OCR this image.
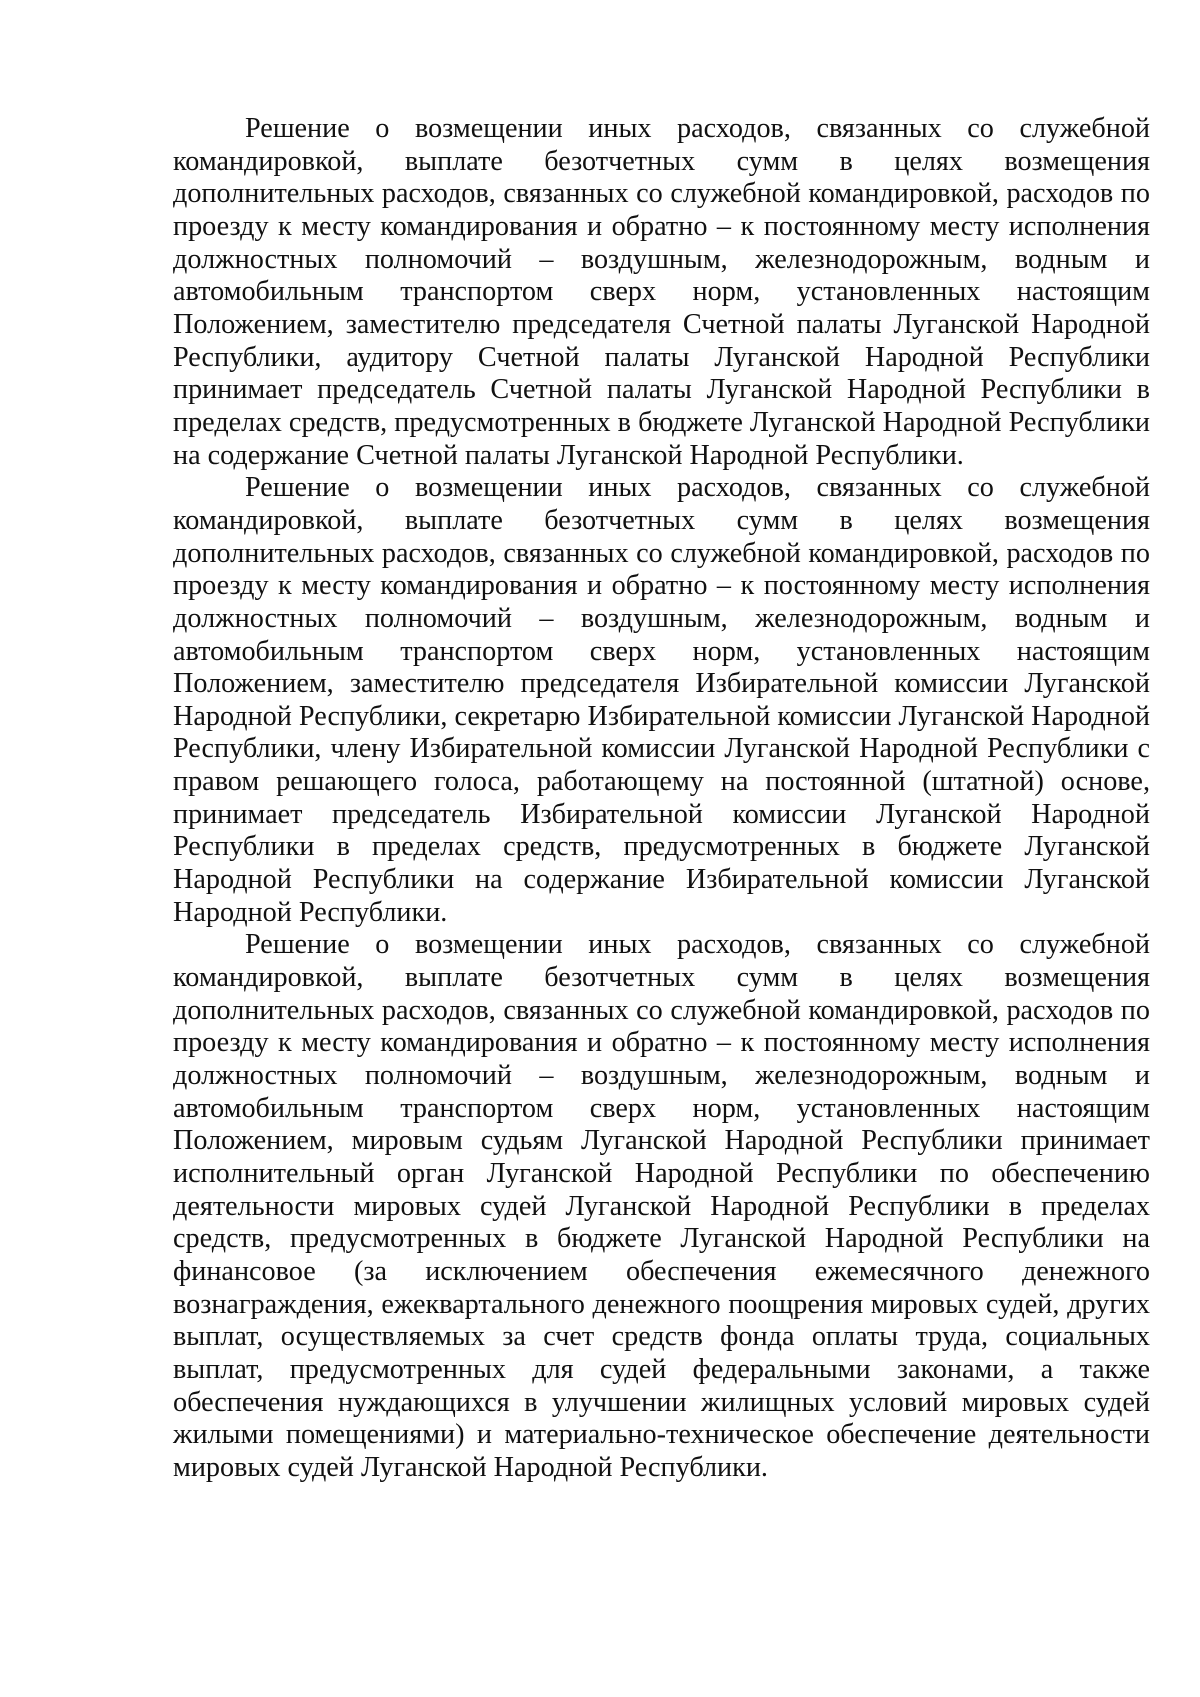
Решение о возмещении иных расходов, связанных со служебной командировкой, выплате безотчетных сумм в целях возмещения дополнительных расходов, связанных со служебной командировкой, расходов по проезду к месту командирования и обратно – к постоянному месту исполнения должностных полномочий – воздушным, железнодорожным, водным и автомобильным транспортом сверх норм, установленных настоящим Положением, заместителю председателя Счетной палаты Луганской Народной Республики, аудитору Счетной палаты Луганской Народной Республики принимает председатель Счетной палаты Луганской Народной Республики в пределах средств, предусмотренных в бюджете Луганской Народной Республики на содержание Счетной палаты Луганской Народной Республики.

Решение о возмещении иных расходов, связанных со служебной командировкой, выплате безотчетных сумм в целях возмещения дополнительных расходов, связанных со служебной командировкой, расходов по проезду к месту командирования и обратно – к постоянному месту исполнения должностных полномочий – воздушным, железнодорожным, водным и автомобильным транспортом сверх норм, установленных настоящим Положением, заместителю председателя Избирательной комиссии Луганской Народной Республики, секретарю Избирательной комиссии Луганской Народной Республики, члену Избирательной комиссии Луганской Народной Республики с правом решающего голоса, работающему на постоянной (штатной) основе, принимает председатель Избирательной комиссии Луганской Народной Республики в пределах средств, предусмотренных в бюджете Луганской Народной Республики на содержание Избирательной комиссии Луганской Народной Республики.

Решение о возмещении иных расходов, связанных со служебной командировкой, выплате безотчетных сумм в целях возмещения дополнительных расходов, связанных со служебной командировкой, расходов по проезду к месту командирования и обратно – к постоянному месту исполнения должностных полномочий – воздушным, железнодорожным, водным и автомобильным транспортом сверх норм, установленных настоящим Положением, мировым судьям Луганской Народной Республики принимает исполнительный орган Луганской Народной Республики по обеспечению деятельности мировых судей Луганской Народной Республики в пределах средств, предусмотренных в бюджете Луганской Народной Республики на финансовое (за исключением обеспечения ежемесячного денежного вознаграждения, ежеквартального денежного поощрения мировых судей, других выплат, осуществляемых за счет средств фонда оплаты труда, социальных выплат, предусмотренных для судей федеральными законами, а также обеспечения нуждающихся в улучшении жилищных условий мировых судей жилыми помещениями) и материально-техническое обеспечение деятельности мировых судей Луганской Народной Республики.
